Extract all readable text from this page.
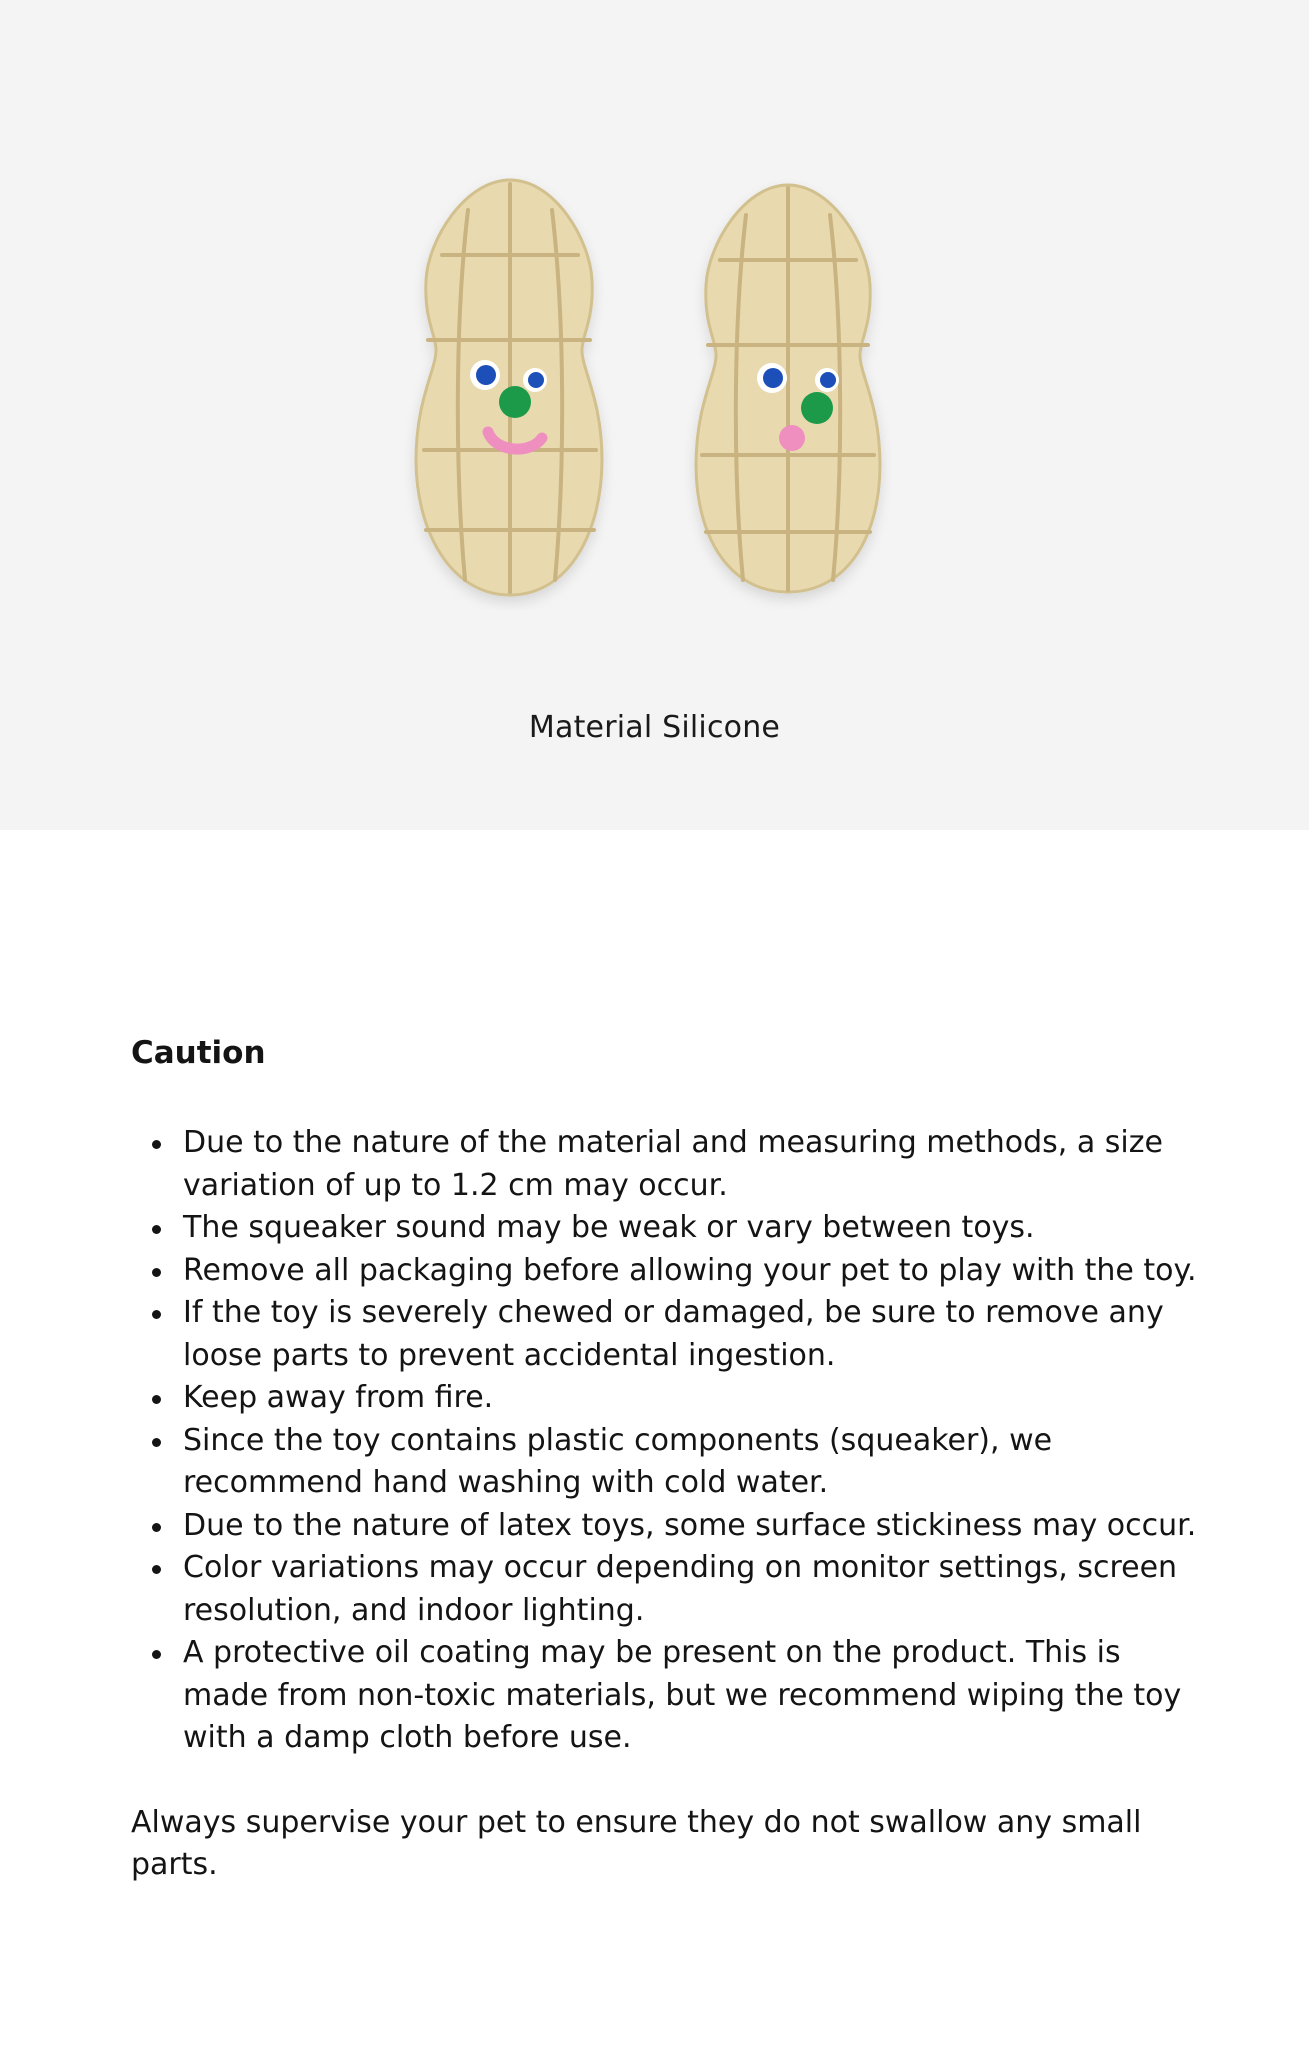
Material Silicone
Caution
Due to the nature of the material and measuring methods, a size variation of up to 1.2 cm may occur.
The squeaker sound may be weak or vary between toys.
Remove all packaging before allowing your pet to play with the toy.
If the toy is severely chewed or damaged, be sure to remove any loose parts to prevent accidental ingestion.
Keep away from fire.
Since the toy contains plastic components (squeaker), we recommend hand washing with cold water.
Due to the nature of latex toys, some surface stickiness may occur.
Color variations may occur depending on monitor settings, screen resolution, and indoor lighting.
A protective oil coating may be present on the product. This is made from non-toxic materials, but we recommend wiping the toy with a damp cloth before use.

Always supervise your pet to ensure they do not swallow any small parts.
